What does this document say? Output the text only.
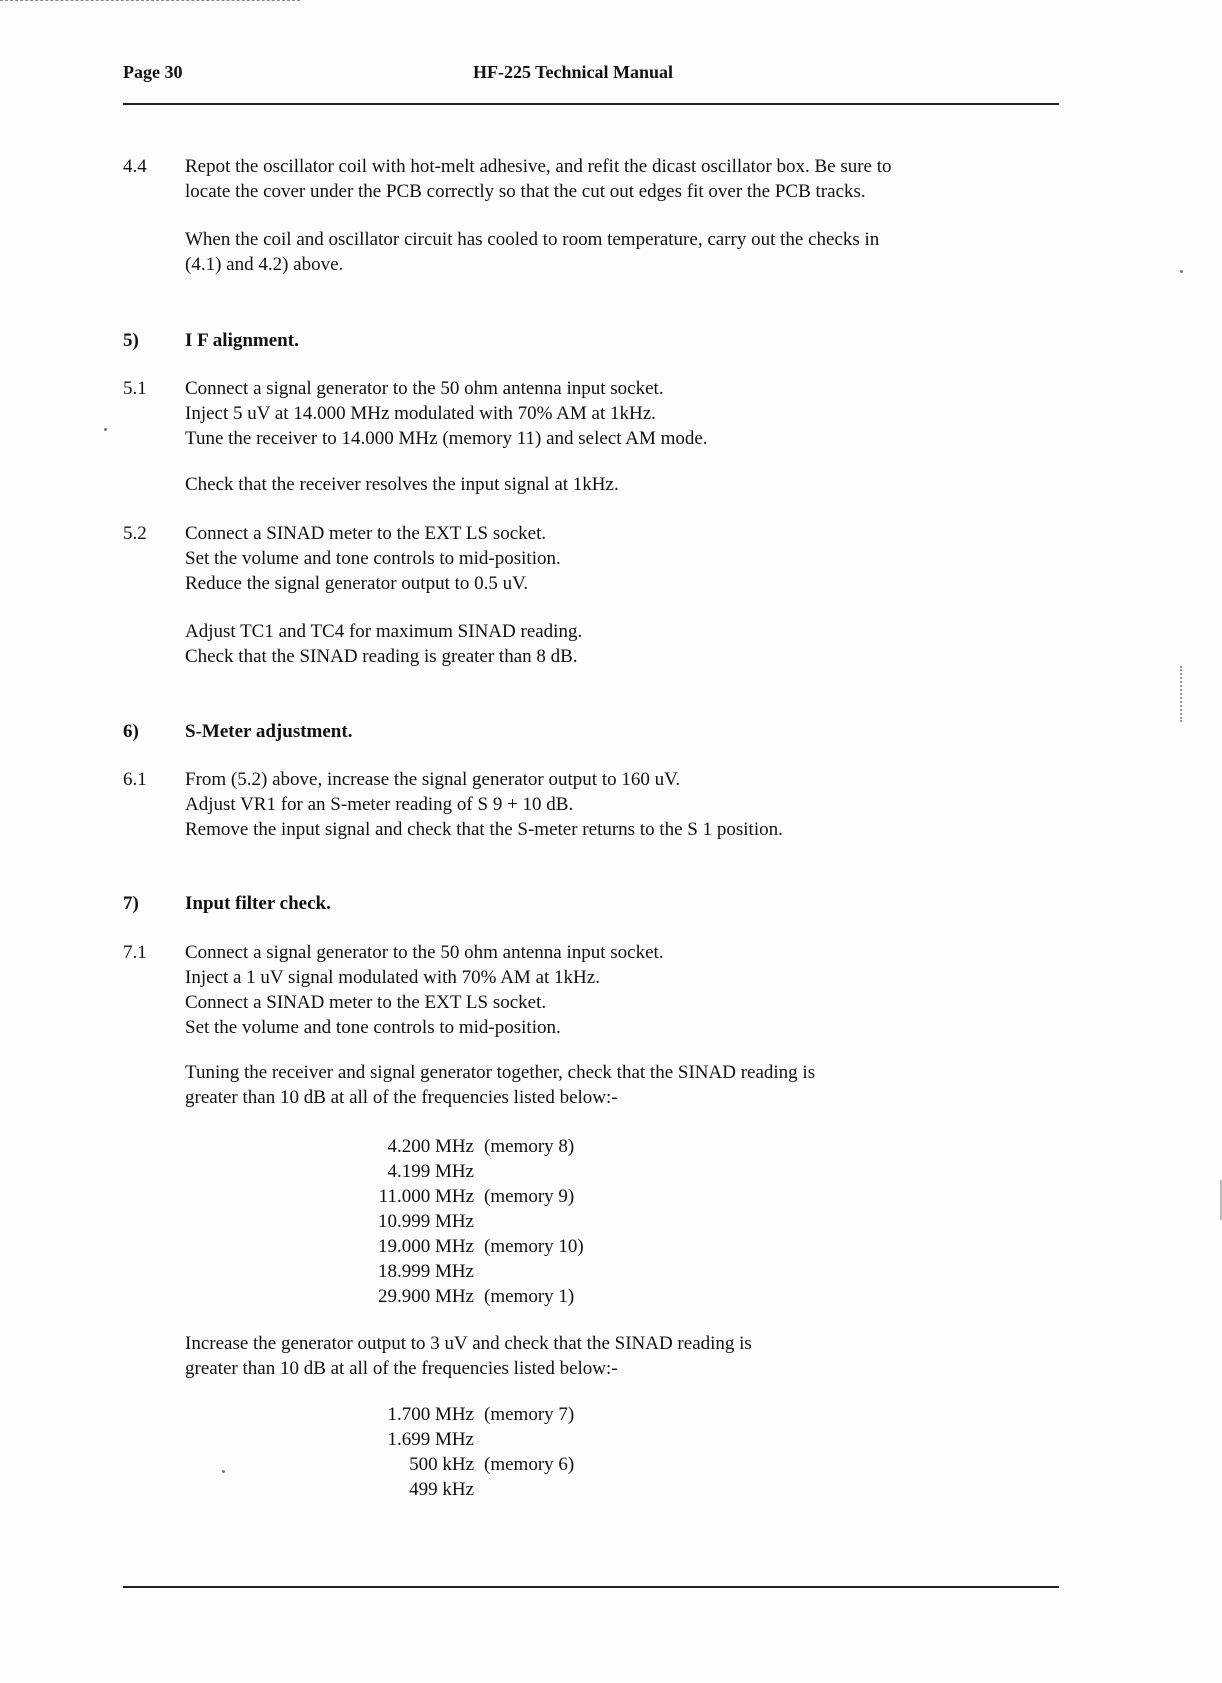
Page 30	HF-225 Technical Manual
4.4 Repot the oscillator coil with hot-melt adhesive, and refit the dicast oscillator box. Be sure to
locate the cover under the PCB correctly so that the cut out edges fit over the PCB tracks.
When the coil and oscillator circuit has cooled to room temperature, carry out the checks in
(4.1) and 4.2) above.
5) I F alignment.
5.1 Connect a signal generator to the 50 ohm antenna input socket.
Inject 5 uV at 14.000 MHz modulated with 70% AM at 1kHz.
Tune the receiver to 14.000 MHz (memory 11) and select AM mode.
Check that the receiver resolves the input signal at 1kHz.
5.2 Connect a SINAD meter to the EXT LS socket.
Set the volume and tone controls to mid-position.
Reduce the signal generator output to 0.5 uV.
Adjust TC1 and TC4 for maximum SINAD reading.
Check that the SINAD reading is greater than 8 dB.
6) S-Meter adjustment.
6.1 From (5.2) above, increase the signal generator output to 160 uV.
Adjust VR1 for an S-meter reading of S 9 + 10 dB.
Remove the input signal and check that the S-meter returns to the S 1 position.
7) Input filter check.
7.1 Connect a signal generator to the 50 ohm antenna input socket.
Inject a 1 uV signal modulated with 70% AM at 1kHz.
Connect a SINAD meter to the EXT LS socket.
Set the volume and tone controls to mid-position.
Tuning the receiver and signal generator together, check that the SINAD reading is
greater than 10 dB at all of the frequencies listed below:-
4.200 MHz (memory 8)
4.199 MHz
11.000 MHz (memory 9)
10.999 MHz
19.000 MHz (memory 10)
18.999 MHz
29.900 MHz (memory 1)
Increase the generator output to 3 uV and check that the SINAD reading is
greater than 10 dB at all of the frequencies listed below:-
1.700 MHz (memory 7)
1.699 MHz
500 kHz (memory 6)
499 kHz
